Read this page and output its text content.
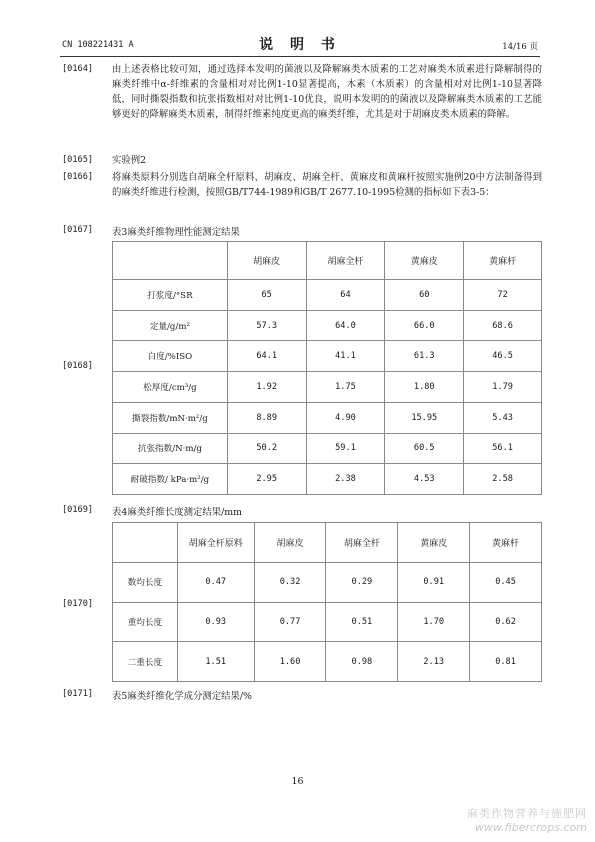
CN 108221431 A	说 明 书	14/16 页
[0164] 由上述表格比较可知，通过选择本发明的菌液以及降解麻类木质素的工艺对麻类木质素进行降解制得的麻类纤维中α-纤维素的含量相对对比例1-10显著提高，木素（木质素）的含量相对对比例1-10显著降低，同时撕裂指数和抗张指数相对对比例1-10优良，说明本发明的的菌液以及降解麻类木质素的工艺能够更好的降解麻类木质素，制得纤维素纯度更高的麻类纤维，尤其是对于胡麻皮类木质素的降解。
[0165] 实验例2
[0166] 将麻类原料分别选自胡麻全杆原料、胡麻皮、胡麻全杆、黄麻皮和黄麻杆按照实施例20中方法制备得到的麻类纤维进行检测，按照GB/T744-1989和GB/T 2677.10-1995检测的指标如下表3-5：
[0167] 表3麻类纤维物理性能测定结果
[0168]
	胡麻皮	胡麻全杆	黄麻皮	黄麻杆
打浆度/°SR	65	64	60	72
定量/g/m²	57.3	64.0	66.0	68.6
白度/%ISO	64.1	41.1	61.3	46.5
松厚度/cm³/g	1.92	1.75	1.80	1.79
撕裂指数/mN·m²/g	8.89	4.90	15.95	5.43
抗张指数/N·m/g	50.2	59.1	60.5	56.1
耐破指数/ kPa·m²/g	2.95	2.38	4.53	2.58
[0169] 表4麻类纤维长度测定结果/mm
[0170]
	胡麻全杆原料	胡麻皮	胡麻全杆	黄麻皮	黄麻杆
数均长度	0.47	0.32	0.29	0.91	0.45
重均长度	0.93	0.77	0.51	1.70	0.62
二重长度	1.51	1.60	0.98	2.13	0.81
[0171] 表5麻类纤维化学成分测定结果/%
16
麻类作物营养与施肥网
www.fibercrops.com
